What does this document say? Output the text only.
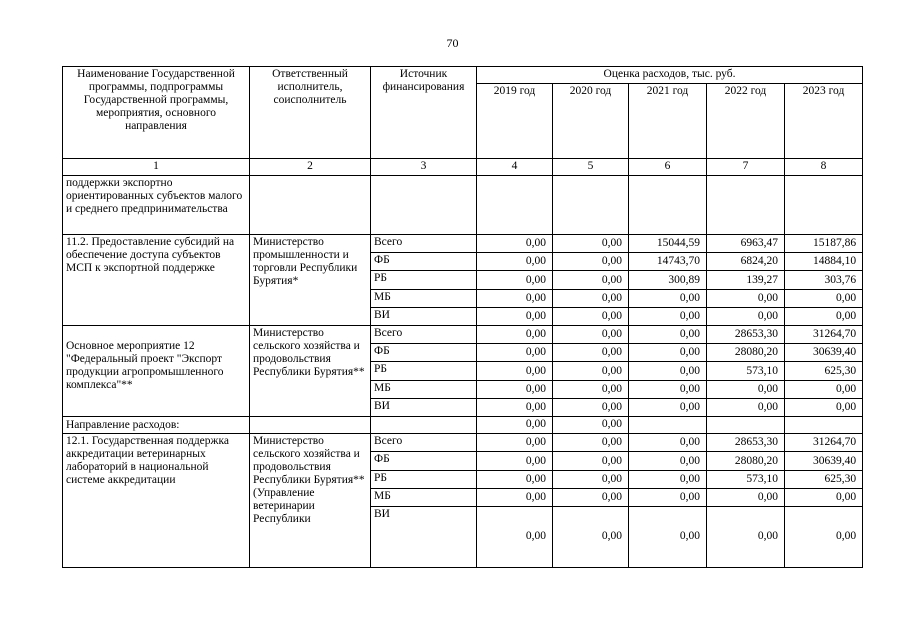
70
Наименование Государственной программы, подпрограммы Государственной программы, мероприятия, основного направления	Ответственный исполнитель, соисполнитель	Источник финансирования	Оценка расходов, тыс. руб.				
			2019 год	2020 год	2021 год	2022 год	2023 год
1	2	3	4	5	6	7	8
поддержки экспортно ориентированных субъектов малого и среднего предпринимательства							
11.2. Предоставление субсидий на обеспечение доступа субъектов МСП к экспортной поддержке	Министерство промышленности и торговли Республики Бурятия*	Всего	0,00	0,00	15044,59	6963,47	15187,86
		ФБ	0,00	0,00	14743,70	6824,20	14884,10
		РБ	0,00	0,00	300,89	139,27	303,76
		МБ	0,00	0,00	0,00	0,00	0,00
		ВИ	0,00	0,00	0,00	0,00	0,00
Основное мероприятие 12 "Федеральный проект "Экспорт продукции агропромышленного комплекса"**	Министерство сельского хозяйства и продовольствия Республики Бурятия**	Всего	0,00	0,00	0,00	28653,30	31264,70
		ФБ	0,00	0,00	0,00	28080,20	30639,40
		РБ	0,00	0,00	0,00	573,10	625,30
		МБ	0,00	0,00	0,00	0,00	0,00
		ВИ	0,00	0,00	0,00	0,00	0,00
Направление расходов:			0,00	0,00			
12.1. Государственная поддержка аккредитации ветеринарных лабораторий в национальной системе аккредитации	Министерство сельского хозяйства и продовольствия Республики Бурятия** (Управление ветеринарии Республики	Всего	0,00	0,00	0,00	28653,30	31264,70
		ФБ	0,00	0,00	0,00	28080,20	30639,40
		РБ	0,00	0,00	0,00	573,10	625,30
		МБ	0,00	0,00	0,00	0,00	0,00
		ВИ	0,00	0,00	0,00	0,00	0,00
